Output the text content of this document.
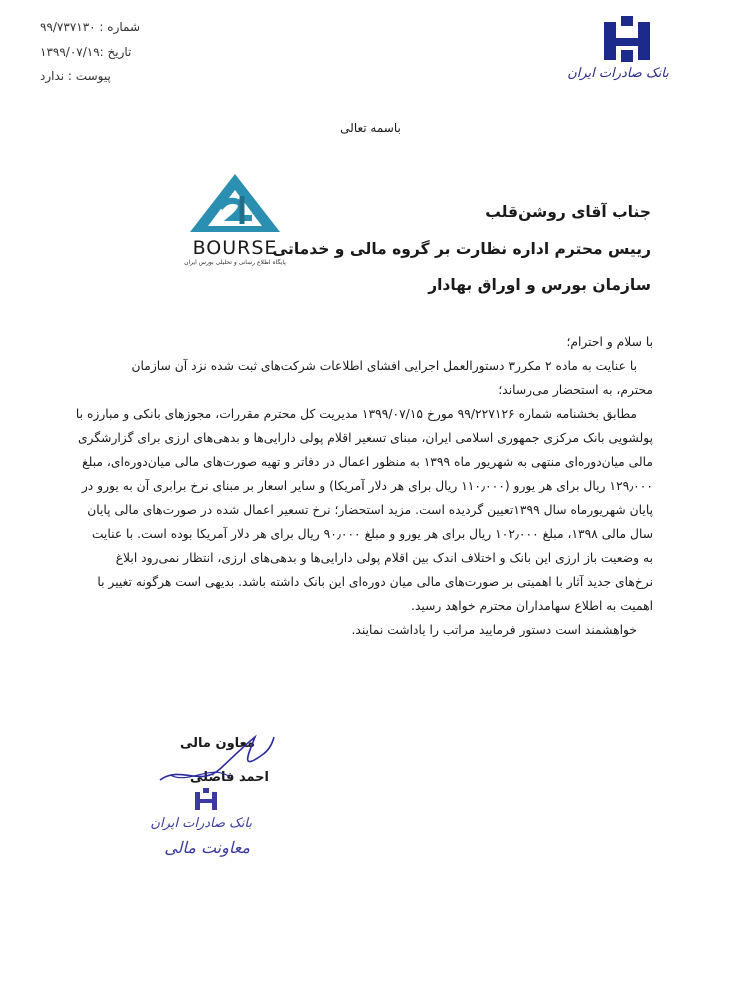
شماره : ۹۹/۷۳۷۱۳۰
تاریخ :۱۳۹۹/۰۷/۱۹
پیوست : ندارد	بانک صادرات ایران
باسمه تعالی
جناب آقای روشن‌قلب
رییس محترم اداره نظارت بر گروه مالی و خدماتی
سازمان بورس و اوراق بهادار
BOURSE
پایگاه اطلاع رسانی و تحلیلی بورس ایران
با سلام و احترام؛
با عنایت به ماده ۲ مکرر۳ دستورالعمل اجرایی افشای اطلاعات شرکت‌های ثبت شده نزد آن سازمان
محترم، به استحضار می‌رساند؛
مطابق بخشنامه شماره ۹۹/۲۲۷۱۲۶ مورخ ۱۳۹۹/۰۷/۱۵ مدیریت کل محترم مقررات، مجوزهای بانکی و مبارزه با
پولشویی بانک مرکزی جمهوری اسلامی ایران، مبنای تسعیر اقلام پولی دارایی‌ها و بدهی‌های ارزی برای گزارشگری
مالی میان‌دوره‌ای منتهی به شهریور ماه ۱۳۹۹ به منظور اعمال در دفاتر و تهیه صورت‌های مالی میان‌دوره‌ای، مبلغ
۱۲۹٫۰۰۰ ریال برای هر یورو (۱۱۰٫۰۰۰ ریال برای هر دلار آمریکا) و سایر اسعار بر مبنای نرخ برابری آن به یورو در
پایان شهریورماه سال ۱۳۹۹تعیین گردیده است. مزید استحضار؛ نرخ تسعیر اعمال شده در صورت‌های مالی پایان
سال مالی ۱۳۹۸، مبلغ ۱۰۲٫۰۰۰ ریال برای هر یورو و مبلغ ۹۰٫۰۰۰ ریال برای هر دلار آمریکا بوده است. با عنایت
به وضعیت باز ارزی این بانک و اختلاف اندک بین اقلام پولی دارایی‌ها و بدهی‌های ارزی، انتظار نمی‌رود ابلاغ
نرخ‌های جدید آثار با اهمیتی بر صورت‌های مالی میان دوره‌ای این بانک داشته باشد. بدیهی است هرگونه تغییر با
اهمیت به اطلاع سهامداران محترم خواهد رسید.
خواهشمند است دستور فرمایید مراتب را یاداشت نمایند.
معاون مالی
احمد فاضلی
بانک صادرات ایران
معاونت مالی
